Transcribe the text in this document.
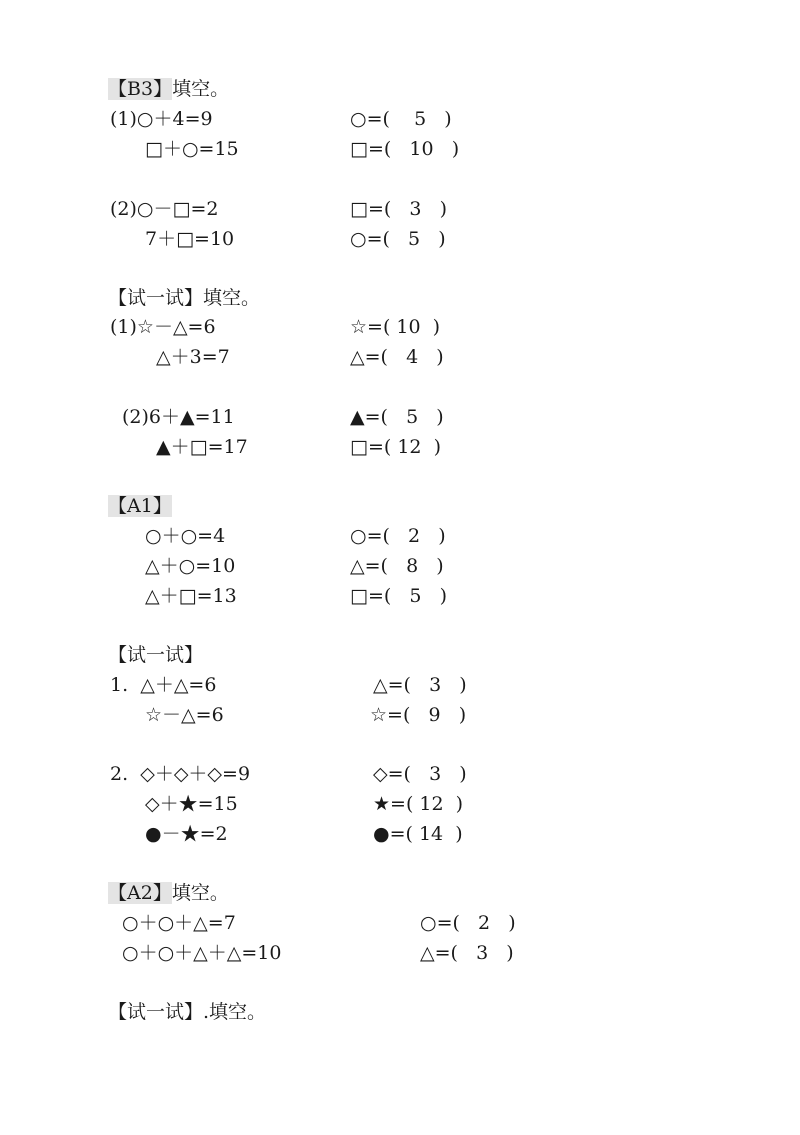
【B3】填空。
(1)○＋4=9	○=(    5   )
□＋○=15	□=(   10   )
(2)○－□=2	□=(   3   )
7＋□=10	○=(   5   )
【试一试】填空。
(1)☆－△=6	☆=( 10  )
△＋3=7	△=(   4   )
(2)6＋▲=11	▲=(   5   )
▲＋□=17	□=( 12  )
【A1】
○＋○=4	○=(   2   )
△＋○=10	△=(   8   )
△＋□=13	□=(   5   )
【试一试】
1.  △＋△=6	△=(   3   )
☆－△=6	☆=(   9   )
2.  ◇＋◇＋◇=9	◇=(   3   )
◇＋★=15	★=( 12  )
●－★=2	●=( 14  )
【A2】填空。
○＋○＋△=7	○=(   2   )
○＋○＋△＋△=10	△=(   3   )
【试一试】.填空。
